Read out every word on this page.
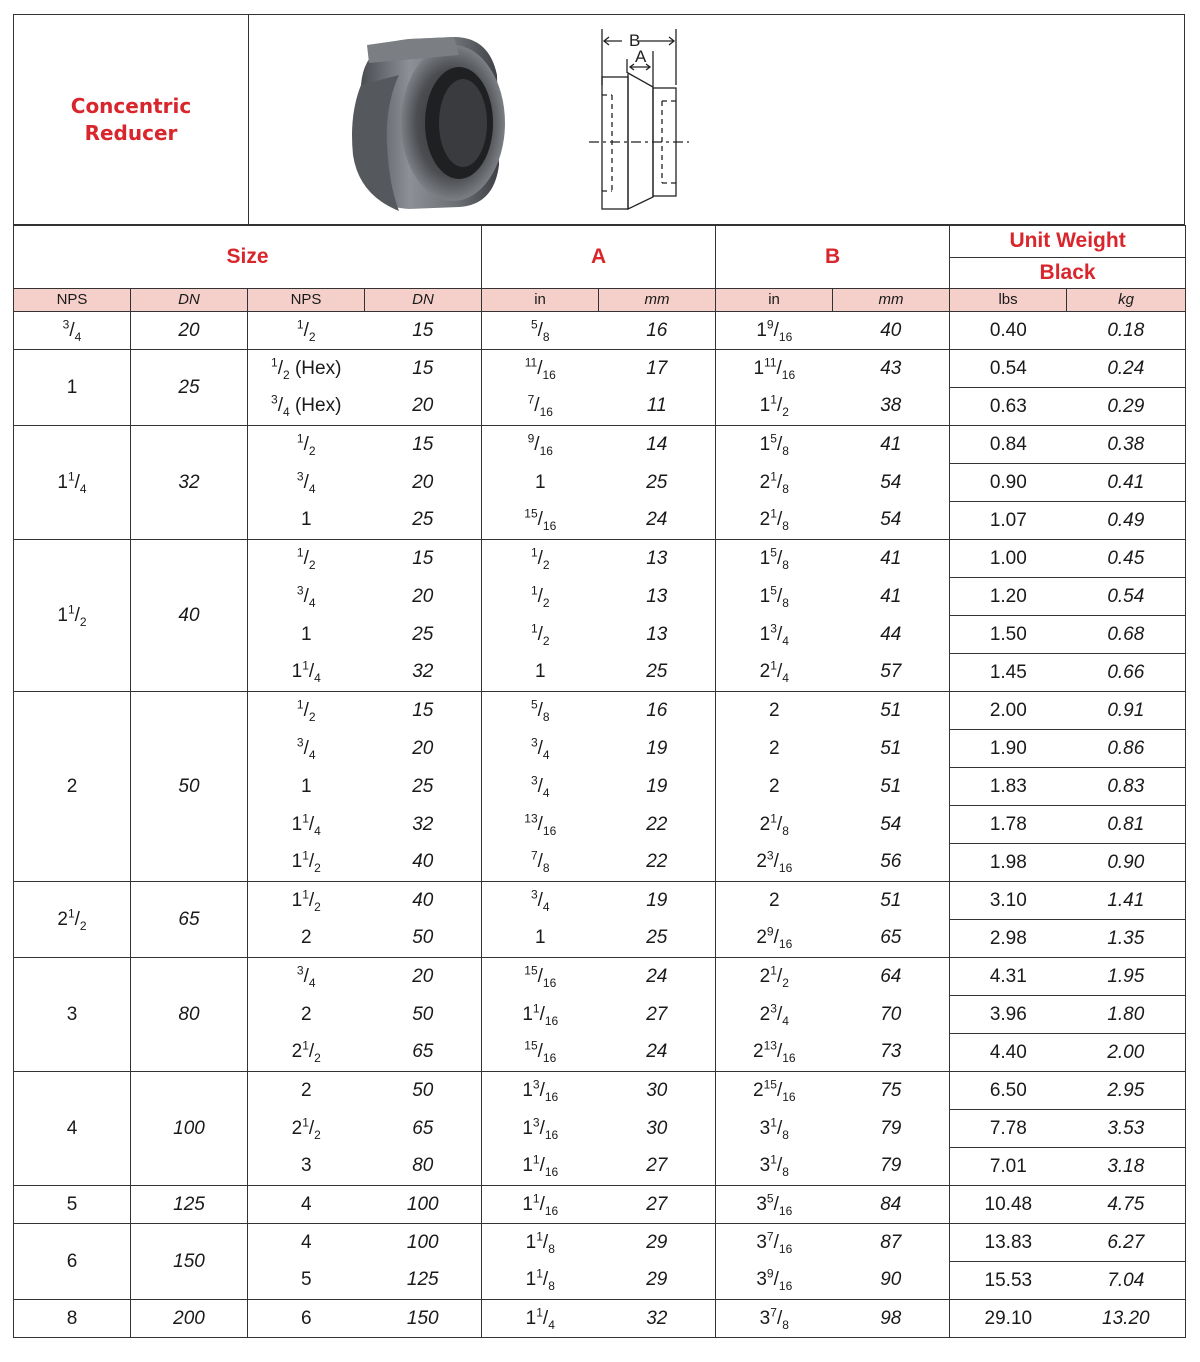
Concentric
Reducer
B
A
Size				A		B		Unit Weight	
								Black	
NPS	DN	NPS	DN	in	mm	in	mm	lbs	kg
$^3/_4$	20	$^1/_2$	15	$^5/_8$	16	$1^9/_{16}$	40	0.40	0.18
1	25	$^1/_2$ (Hex)	15	$^{11}/_{16}$	17	$1^{11}/_{16}$	43	0.54	0.24
		$^3/_4$ (Hex)	20	$^7/_{16}$	11	$1^1/_2$	38	0.63	0.29
$1^1/_4$	32	$^1/_2$	15	$^9/_{16}$	14	$1^5/_8$	41	0.84	0.38
		$^3/_4$	20	1	25	$2^1/_8$	54	0.90	0.41
		1	25	$^{15}/_{16}$	24	$2^1/_8$	54	1.07	0.49
$1^1/_2$	40	$^1/_2$	15	$^1/_2$	13	$1^5/_8$	41	1.00	0.45
		$^3/_4$	20	$^1/_2$	13	$1^5/_8$	41	1.20	0.54
		1	25	$^1/_2$	13	$1^3/_4$	44	1.50	0.68
		$1^1/_4$	32	1	25	$2^1/_4$	57	1.45	0.66
2	50	$^1/_2$	15	$^5/_8$	16	2	51	2.00	0.91
		$^3/_4$	20	$^3/_4$	19	2	51	1.90	0.86
		1	25	$^3/_4$	19	2	51	1.83	0.83
		$1^1/_4$	32	$^{13}/_{16}$	22	$2^1/_8$	54	1.78	0.81
		$1^1/_2$	40	$^7/_8$	22	$2^3/_{16}$	56	1.98	0.90
$2^1/_2$	65	$1^1/_2$	40	$^3/_4$	19	2	51	3.10	1.41
		2	50	1	25	$2^9/_{16}$	65	2.98	1.35
3	80	$^3/_4$	20	$^{15}/_{16}$	24	$2^1/_2$	64	4.31	1.95
		2	50	$1^1/_{16}$	27	$2^3/_4$	70	3.96	1.80
		$2^1/_2$	65	$^{15}/_{16}$	24	$2^{13}/_{16}$	73	4.40	2.00
4	100	2	50	$1^3/_{16}$	30	$2^{15}/_{16}$	75	6.50	2.95
		$2^1/_2$	65	$1^3/_{16}$	30	$3^1/_8$	79	7.78	3.53
		3	80	$1^1/_{16}$	27	$3^1/_8$	79	7.01	3.18
5	125	4	100	$1^1/_{16}$	27	$3^5/_{16}$	84	10.48	4.75
6	150	4	100	$1^1/_8$	29	$3^7/_{16}$	87	13.83	6.27
		5	125	$1^1/_8$	29	$3^9/_{16}$	90	15.53	7.04
8	200	6	150	$1^1/_4$	32	$3^7/_8$	98	29.10	13.20
